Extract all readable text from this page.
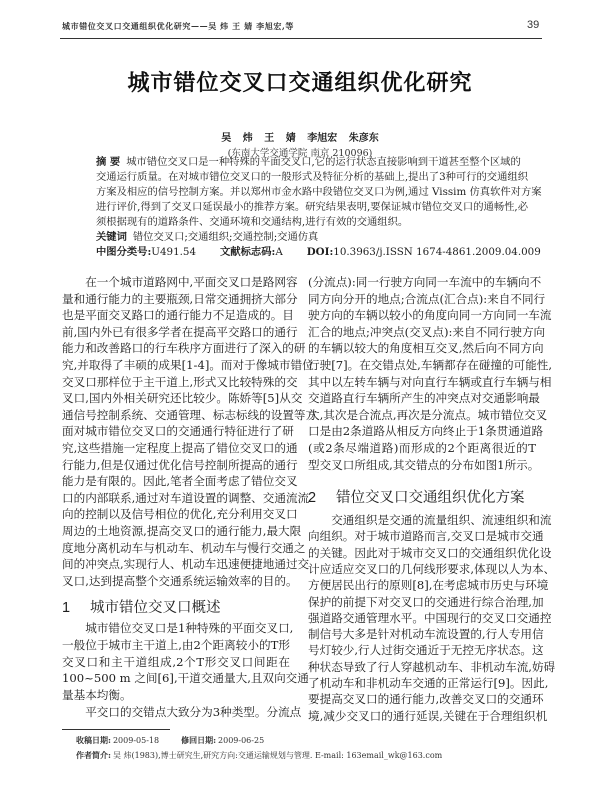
城市错位交叉口交通组织优化研究——吴 炜 王 婧 李旭宏,等	39
城市错位交叉口交通组织优化研究
吴 炜 王 婧 李旭宏 朱彦东
(东南大学交通学院 南京 210096)
摘 要 城市错位交叉口是一种特殊的平面交叉口,它的运行状态直接影响到干道甚至整个区域的
交通运行质量。在对城市错位交叉口的一般形式及特征分析的基础上,提出了3种可行的交通组织
方案及相应的信号控制方案。并以郑州市金水路中段错位交叉口为例,通过 Vissim 仿真软件对方案
进行评价,得到了交叉口延误最小的推荐方案。研究结果表明,要保证城市错位交叉口的通畅性,必
须根据现有的道路条件、交通环境和交通结构,进行有效的交通组织。
关键词 错位交叉口;交通组织;交通控制;交通仿真
中图分类号:U491.54 文献标志码:A DOI:10.3963/j.ISSN 1674-4861.2009.04.009
　　在一个城市道路网中,平面交叉口是路网容
量和通行能力的主要瓶颈,日常交通拥挤大部分
也是平面交叉路口的通行能力不足造成的。目
前,国内外已有很多学者在提高平交路口的通行
能力和改善路口的行车秩序方面进行了深入的研
究,并取得了丰硕的成果[1-4]。而对于像城市错位
交叉口那样位于主干道上,形式又比较特殊的交
叉口,国内外相关研究还比较少。陈娇等[5]从交
通信号控制系统、交通管理、标志标线的设置等方
面对城市错位交叉口的交通通行特征进行了研
究,这些措施一定程度上提高了错位交叉口的通
行能力,但是仅通过优化信号控制所提高的通行
能力是有限的。因此,笔者全面考虑了错位交叉
口的内部联系,通过对车道设置的调整、交通流流
向的控制以及信号相位的优化,充分利用交叉口
周边的土地资源,提高交叉口的通行能力,最大限
度地分离机动车与机动车、机动车与慢行交通之
间的冲突点,实现行人、机动车迅速便捷地通过交
叉口,达到提高整个交通系统运输效率的目的。
　　城市错位交叉口是1种特殊的平面交叉口,
一般位于城市主干道上,由2个距离较小的T形
交叉口和主干道组成,2个T形交叉口间距在
100~500 m 之间[6],干道交通量大,且双向交通
量基本均衡。
　　平交口的交错点大致分为3种类型。分流点
1 城市错位交叉口概述
(分流点):同一行驶方向同一车流中的车辆向不
同方向分开的地点;合流点(汇合点):来自不同行
驶方向的车辆以较小的角度向同一方向同一车流
汇合的地点;冲突点(交叉点):来自不同行驶方向
的车辆以较大的角度相互交叉,然后向不同方向
行驶[7]。在交错点处,车辆都存在碰撞的可能性,
其中以左转车辆与对向直行车辆或直行车辆与相
交道路直行车辆所产生的冲突点对交通影响最
大,其次是合流点,再次是分流点。城市错位交叉
口是由2条道路从相反方向终止于1条贯通道路
(或2条尽端道路)而形成的2个距离很近的T
型交叉口所组成,其交错点的分布如图1所示。
　　交通组织是交通的流量组织、流速组织和流
向组织。对于城市道路而言,交叉口是城市交通
的关键。因此对于城市交叉口的交通组织优化设
计应适应交叉口的几何线形要求,体现以人为本、
方便居民出行的原则[8],在考虑城市历史与环境
保护的前提下对交叉口的交通进行综合治理,加
强道路交通管理水平。中国现行的交叉口交通控
制信号大多是针对机动车流设置的,行人专用信
号灯较少,行人过街交通近于无控无序状态。这
种状态导致了行人穿越机动车、非机动车流,妨碍
了机动车和非机动车交通的正常运行[9]。因此,
要提高交叉口的通行能力,改善交叉口的交通环
境,减少交叉口的通行延误,关键在于合理组织机
2 错位交叉口交通组织优化方案
收稿日期: 2009-05-18	修回日期: 2009-06-25
作者简介: 吴 炜(1983),博士研究生,研究方向:交通运输规划与管理. E-mail: 163email_wk@163.com
